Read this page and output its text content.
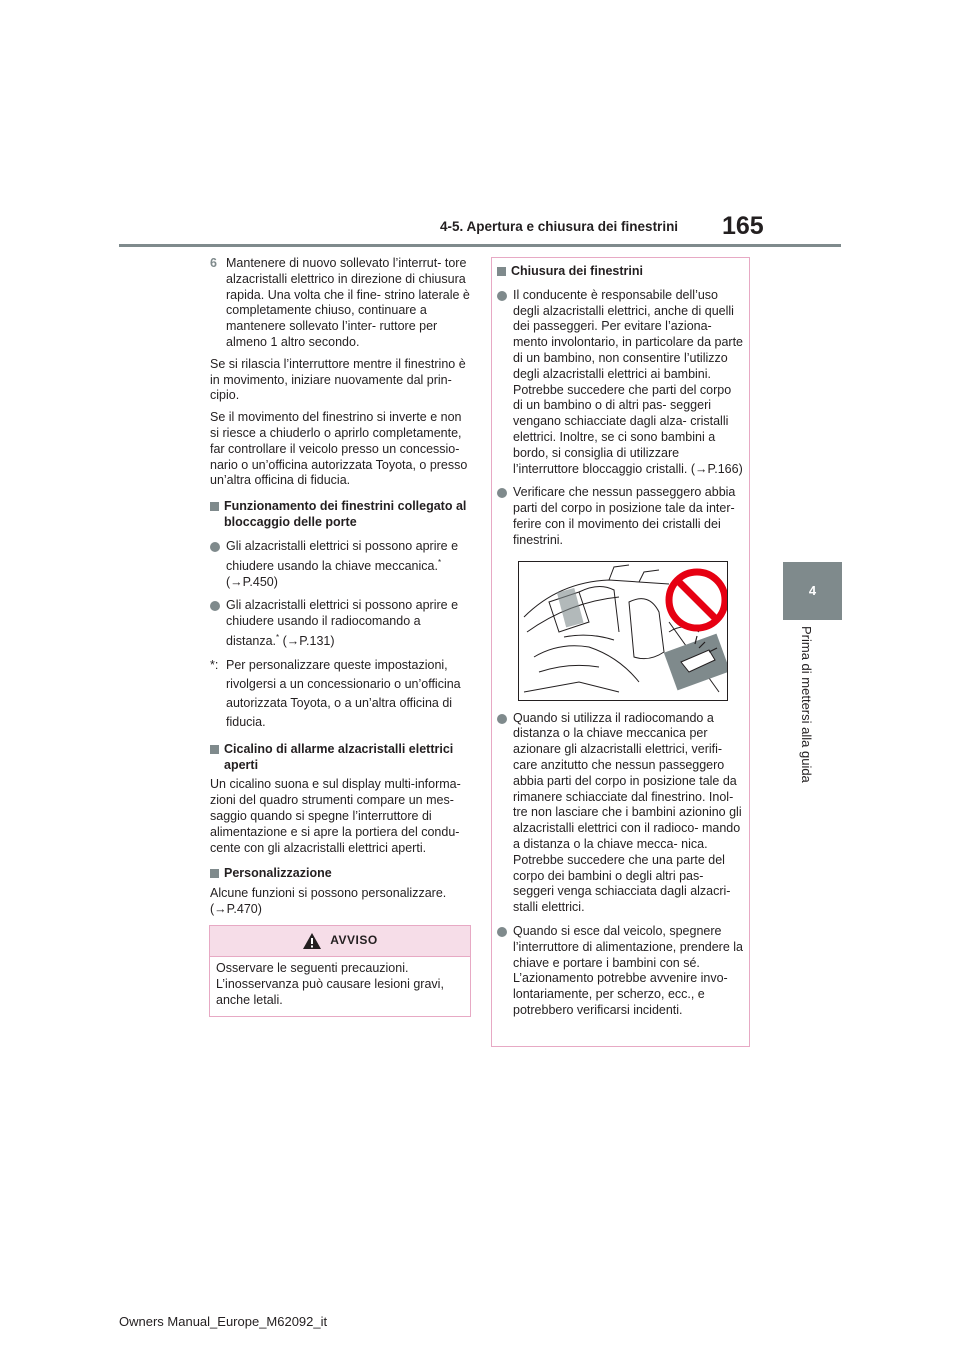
4-5. Apertura e chiusura dei finestrini 165
4
Prima di mettersi alla guida
6 Mantenere di nuovo sollevato l’interrut- tore alzacristalli elettrico in direzione di chiusura rapida. Una volta che il fine- strino laterale è completamente chiuso, continuare a mantenere sollevato l’inter- ruttore per almeno 1 altro secondo.

Se si rilascia l’interruttore mentre il finestrino è in movimento, iniziare nuovamente dal prin- cipio.

Se il movimento del finestrino si inverte e non si riesce a chiuderlo o aprirlo completamente, far controllare il veicolo presso un concessio- nario o un’officina autorizzata Toyota, o presso un’altra officina di fiducia.

Funzionamento dei finestrini collegato al bloccaggio delle porte
Gli alzacristalli elettrici si possono aprire e chiudere usando la chiave meccanica.*
(→P.450)
Gli alzacristalli elettrici si possono aprire e chiudere usando il radiocomando a distanza.* (→P.131)
*: Per personalizzare queste impostazioni, rivolgersi a un concessionario o un’officina autorizzata Toyota, o a un’altra officina di fiducia.
Cicalino di allarme alzacristalli elettrici aperti

Un cicalino suona e sul display multi-informa- zioni del quadro strumenti compare un mes- saggio quando si spegne l’interruttore di alimentazione e si apre la portiera del condu- cente con gli alzacristalli elettrici aperti.

Personalizzazione

Alcune funzioni si possono personalizzare. (→P.470)

AVVISO
Osservare le seguenti precauzioni. L’inosservanza può causare lesioni gravi, anche letali.
Chiusura dei finestrini
Il conducente è responsabile dell’uso degli alzacristalli elettrici, anche di quelli dei passeggeri. Per evitare l’aziona- mento involontario, in particolare da parte di un bambino, non consentire l’utilizzo degli alzacristalli elettrici ai bambini. Potrebbe succedere che parti del corpo di un bambino o di altri pas- seggeri vengano schiacciate dagli alza- cristalli elettrici. Inoltre, se ci sono bambini a bordo, si consiglia di utilizzare l’interruttore bloccaggio cristalli. (→P.166)
Verificare che nessun passeggero abbia parti del corpo in posizione tale da inter- ferire con il movimento dei cristalli dei finestrini.
Quando si utilizza il radiocomando a distanza o la chiave meccanica per azionare gli alzacristalli elettrici, verifi- care anzitutto che nessun passeggero abbia parti del corpo in posizione tale da rimanere schiacciate dal finestrino. Inol- tre non lasciare che i bambini azionino gli alzacristalli elettrici con il radioco- mando a distanza o la chiave mecca- nica. Potrebbe succedere che una parte del corpo dei bambini o degli altri pas- seggeri venga schiacciata dagli alzacri- stalli elettrici.
Quando si esce dal veicolo, spegnere l’interruttore di alimentazione, prendere la chiave e portare i bambini con sé. L’azionamento potrebbe avvenire invo- lontariamente, per scherzo, ecc., e potrebbero verificarsi incidenti.
Owners Manual_Europe_M62092_it
